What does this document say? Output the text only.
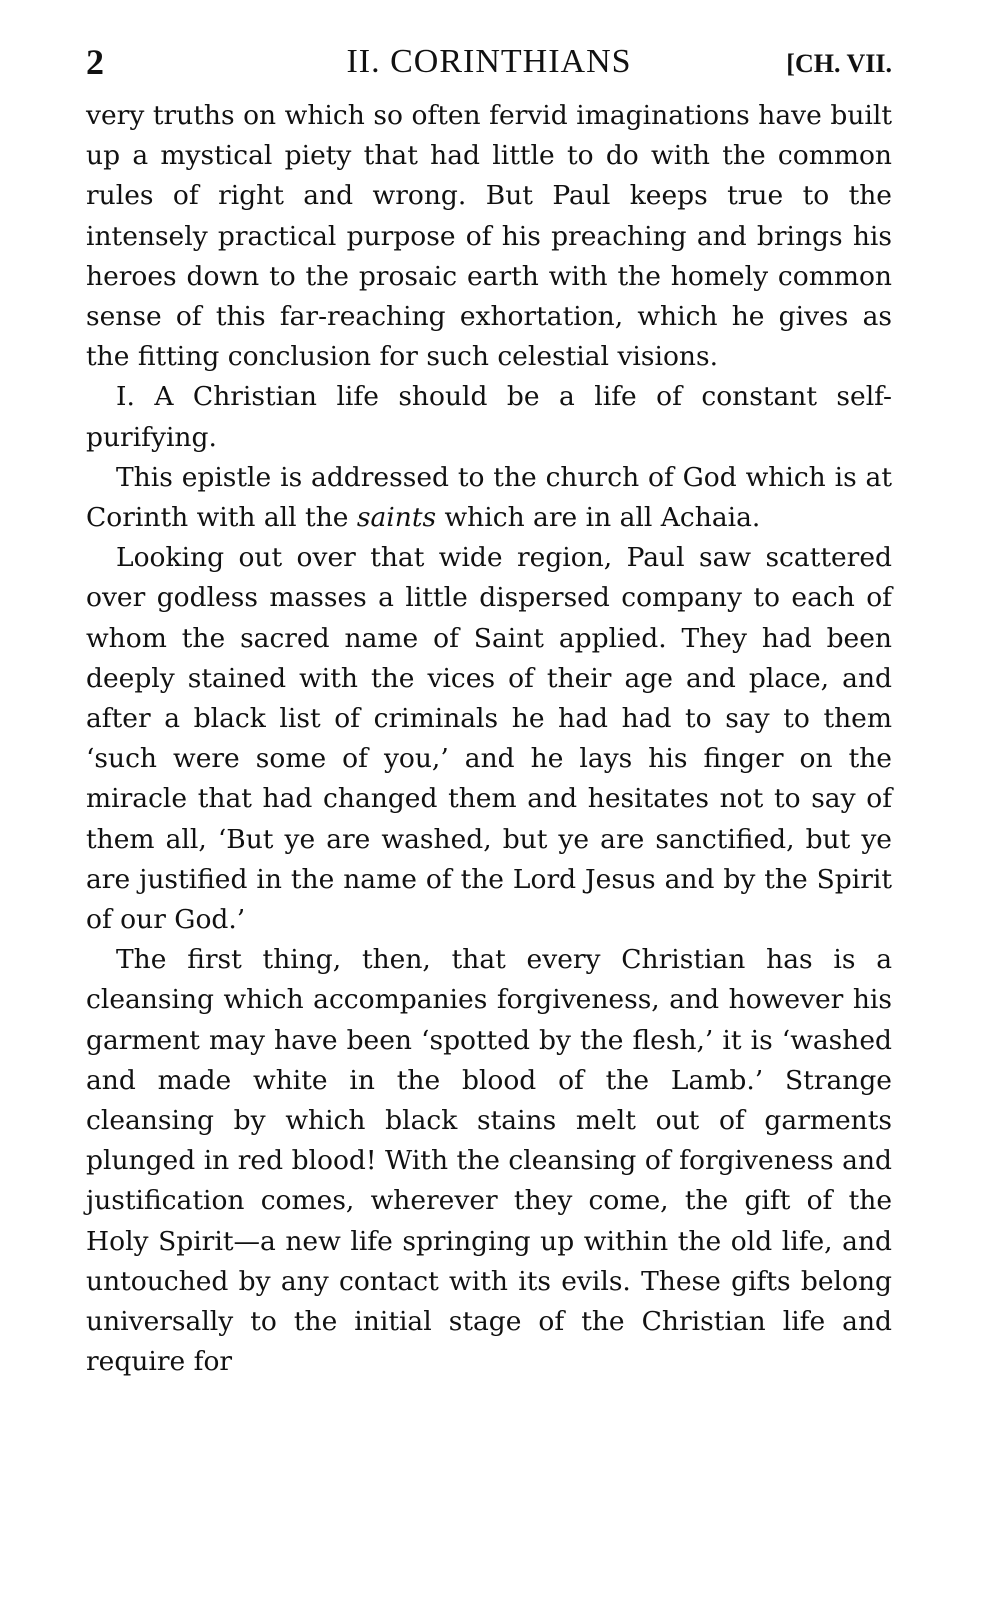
2	II. CORINTHIANS	[CH. VII.

very truths on which so often fervid imaginations have built up a mystical piety that had little to do with the common rules of right and wrong. But Paul keeps true to the intensely practical purpose of his preaching and brings his heroes down to the prosaic earth with the homely common sense of this far-reaching exhortation, which he gives as the fitting conclusion for such celestial visions.

I. A Christian life should be a life of constant self-purifying.

This epistle is addressed to the church of God which is at Corinth with all the saints which are in all Achaia.

Looking out over that wide region, Paul saw scattered over godless masses a little dispersed company to each of whom the sacred name of Saint applied. They had been deeply stained with the vices of their age and place, and after a black list of criminals he had had to say to them ‘such were some of you,’ and he lays his finger on the miracle that had changed them and hesitates not to say of them all, ‘But ye are washed, but ye are sanctified, but ye are justified in the name of the Lord Jesus and by the Spirit of our God.’

The first thing, then, that every Christian has is a cleansing which accompanies forgiveness, and however his garment may have been ‘spotted by the flesh,’ it is ‘washed and made white in the blood of the Lamb.’ Strange cleansing by which black stains melt out of garments plunged in red blood! With the cleansing of forgiveness and justification comes, wherever they come, the gift of the Holy Spirit—a new life springing up within the old life, and untouched by any contact with its evils. These gifts belong universally to the initial stage of the Christian life and require for
